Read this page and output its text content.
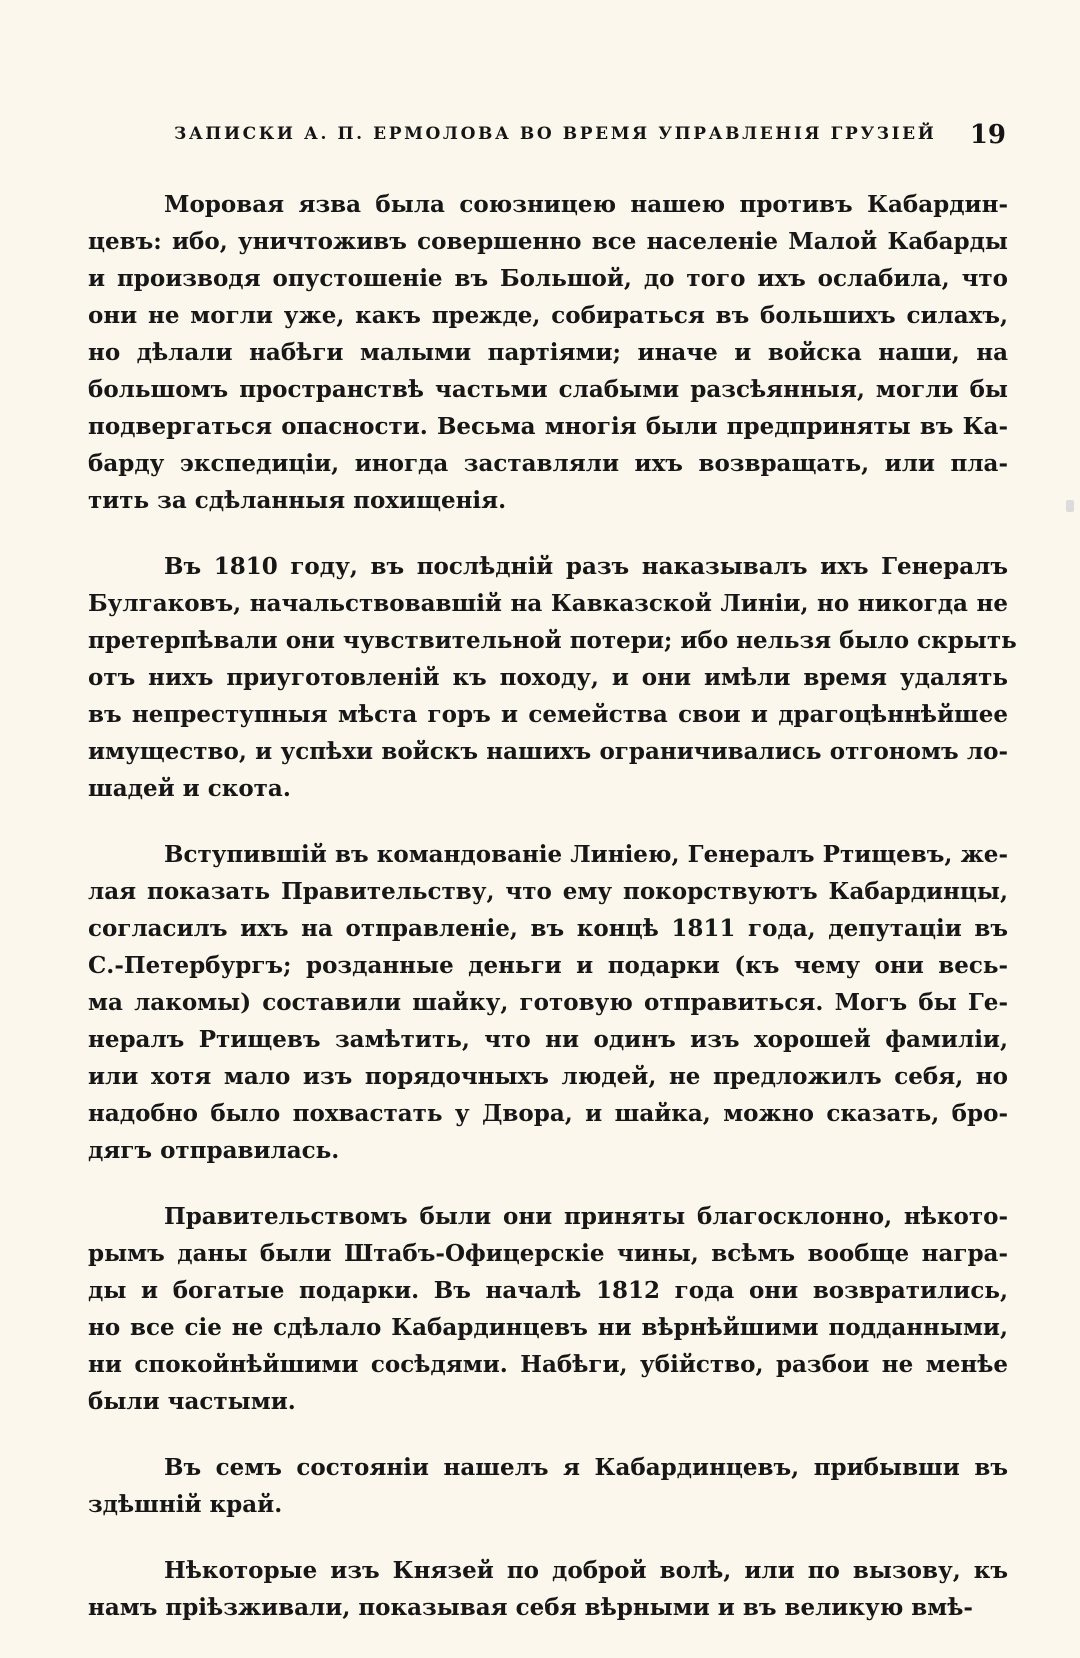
ЗАПИСКИ А. П. ЕРМОЛОВА ВО ВРЕМЯ УПРАВЛЕНІЯ ГРУЗІЕЙ 19
Моровая язва была союзницею нашею противъ Кабардин-
цевъ: ибо, уничтоживъ совершенно все населеніе Малой Кабарды
и производя опустошеніе въ Большой, до того ихъ ослабила, что
они не могли уже, какъ прежде, собираться въ большихъ силахъ,
но дѣлали набѣги малыми партіями; иначе и войска наши, на
большомъ пространствѣ частьми слабыми разсѣянныя, могли бы
подвергаться опасности. Весьма многія были предприняты въ Ка-
барду экспедиціи, иногда заставляли ихъ возвращать, или пла-
тить за сдѣланныя похищенія.
Въ 1810 году, въ послѣдній разъ наказывалъ ихъ Генералъ
Булгаковъ, начальствовавшій на Кавказской Линіи, но никогда не
претерпѣвали они чувствительной потери; ибо нельзя было скрыть
отъ нихъ приуготовленій къ походу, и они имѣли время удалять
въ непреступныя мѣста горъ и семейства свои и драгоцѣннѣйшее
имущество, и успѣхи войскъ нашихъ ограничивались отгономъ ло-
шадей и скота.
Вступившій въ командованіе Линіею, Генералъ Ртищевъ, же-
лая показать Правительству, что ему покорствуютъ Кабардинцы,
согласилъ ихъ на отправленіе, въ концѣ 1811 года, депутаціи въ
С.-Петербургъ; розданные деньги и подарки (къ чему они весь-
ма лакомы) составили шайку, готовую отправиться. Могъ бы Ге-
нералъ Ртищевъ замѣтить, что ни одинъ изъ хорошей фамиліи,
или хотя мало изъ порядочныхъ людей, не предложилъ себя, но
надобно было похвастать у Двора, и шайка, можно сказать, бро-
дягъ отправилась.
Правительствомъ были они приняты благосклонно, нѣкото-
рымъ даны были Штабъ-Офицерскіе чины, всѣмъ вообще награ-
ды и богатые подарки. Въ началѣ 1812 года они возвратились,
но все сіе не сдѣлало Кабардинцевъ ни вѣрнѣйшими подданными,
ни спокойнѣйшими сосѣдями. Набѣги, убійство, разбои не менѣе
были частыми.
Въ семъ состояніи нашелъ я Кабардинцевъ, прибывши въ
здѣшній край.
Нѣкоторые изъ Князей по доброй волѣ, или по вызову, къ
намъ пріѣзживали, показывая себя вѣрными и въ великую вмѣ-
